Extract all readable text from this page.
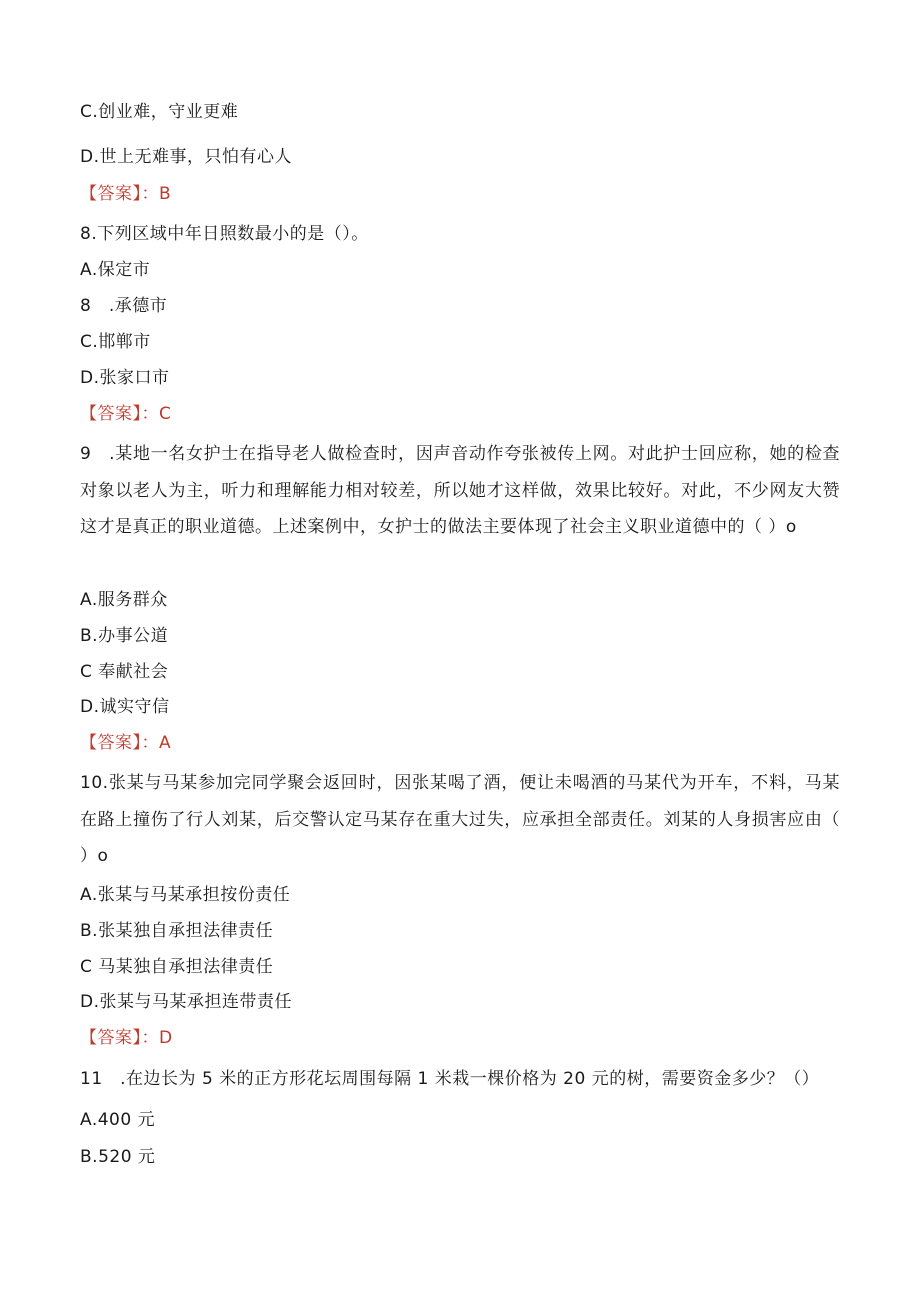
C.创业难，守业更难
D.世上无难事，只怕有心人
【答案】：B
8.下列区域中年日照数最小的是（）。
A.保定市
8　.承德市
C.邯郸市
D.张家口市
【答案】：C
9　.某地一名女护士在指导老人做检查时，因声音动作夸张被传上网。对此护士回应称，她的检查对象以老人为主，听力和理解能力相对较差，所以她才这样做，效果比较好。对此，不少网友大赞这才是真正的职业道德。上述案例中，女护士的做法主要体现了社会主义职业道德中的（ ）o
A.服务群众
B.办事公道
C 奉献社会
D.诚实守信
【答案】：A
10.张某与马某参加完同学聚会返回时，因张某喝了酒，便让未喝酒的马某代为开车，不料，马某在路上撞伤了行人刘某，后交警认定马某存在重大过失，应承担全部责任。刘某的人身损害应由（ ）o
A.张某与马某承担按份责任
B.张某独自承担法律责任
C 马某独自承担法律责任
D.张某与马某承担连带责任
【答案】：D
11　.在边长为 5 米的正方形花坛周围每隔 1 米栽一棵价格为 20 元的树，需要资金多少？（）
A.400 元
B.520 元
